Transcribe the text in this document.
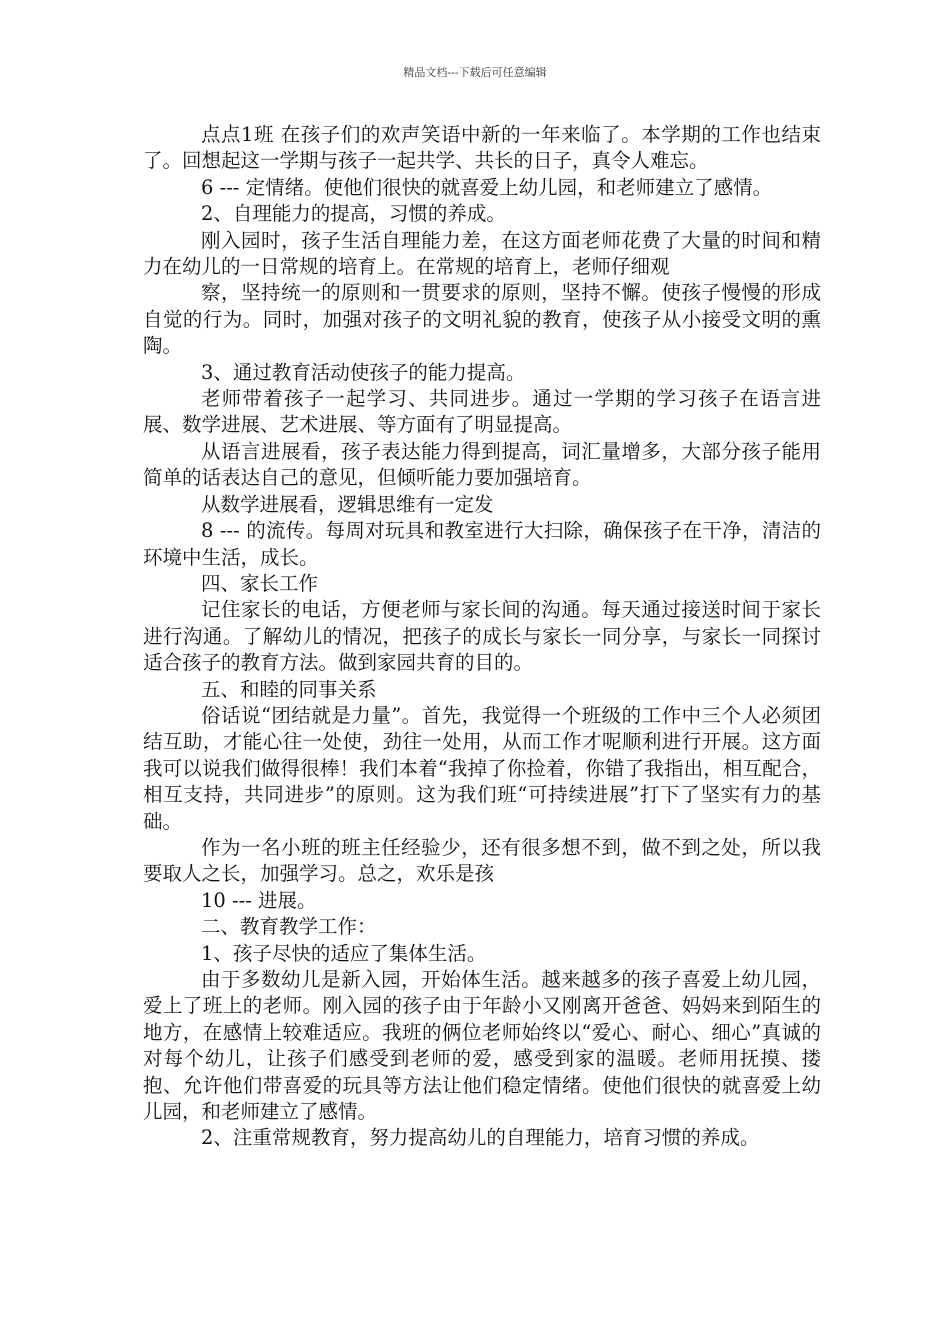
精品文档---下载后可任意编辑

点点1班 在孩子们的欢声笑语中新的一年来临了。本学期的工作也结束了。回想起这一学期与孩子一起共学、共长的日子，真令人难忘。

6 --- 定情绪。使他们很快的就喜爱上幼儿园，和老师建立了感情。

2、自理能力的提高，习惯的养成。

刚入园时，孩子生活自理能力差，在这方面老师花费了大量的时间和精力在幼儿的一日常规的培育上。在常规的培育上，老师仔细观

察，坚持统一的原则和一贯要求的原则，坚持不懈。使孩子慢慢的形成自觉的行为。同时，加强对孩子的文明礼貌的教育，使孩子从小接受文明的熏陶。

3、通过教育活动使孩子的能力提高。

老师带着孩子一起学习、共同进步。通过一学期的学习孩子在语言进展、数学进展、艺术进展、等方面有了明显提高。

从语言进展看，孩子表达能力得到提高，词汇量增多，大部分孩子能用简单的话表达自己的意见，但倾听能力要加强培育。

从数学进展看，逻辑思维有一定发

8 --- 的流传。每周对玩具和教室进行大扫除，确保孩子在干净，清洁的环境中生活，成长。

四、家长工作

记住家长的电话，方便老师与家长间的沟通。每天通过接送时间于家长进行沟通。了解幼儿的情况，把孩子的成长与家长一同分享，与家长一同探讨适合孩子的教育方法。做到家园共育的目的。

五、和睦的同事关系

俗话说“团结就是力量”。首先，我觉得一个班级的工作中三个人必须团结互助，才能心往一处使，劲往一处用，从而工作才呢顺利进行开展。这方面我可以说我们做得很棒！我们本着“我掉了你捡着，你错了我指出，相互配合，相互支持，共同进步”的原则。这为我们班“可持续进展”打下了坚实有力的基础。

作为一名小班的班主任经验少，还有很多想不到，做不到之处，所以我要取人之长，加强学习。总之，欢乐是孩

10 --- 进展。

二、教育教学工作：

1、孩子尽快的适应了集体生活。

由于多数幼儿是新入园，开始体生活。越来越多的孩子喜爱上幼儿园，爱上了班上的老师。刚入园的孩子由于年龄小又刚离开爸爸、妈妈来到陌生的地方，在感情上较难适应。我班的俩位老师始终以“爱心、耐心、细心”真诚的对每个幼儿，让孩子们感受到老师的爱，感受到家的温暖。老师用抚摸、搂抱、允许他们带喜爱的玩具等方法让他们稳定情绪。使他们很快的就喜爱上幼儿园，和老师建立了感情。

2、注重常规教育，努力提高幼儿的自理能力，培育习惯的养成。
